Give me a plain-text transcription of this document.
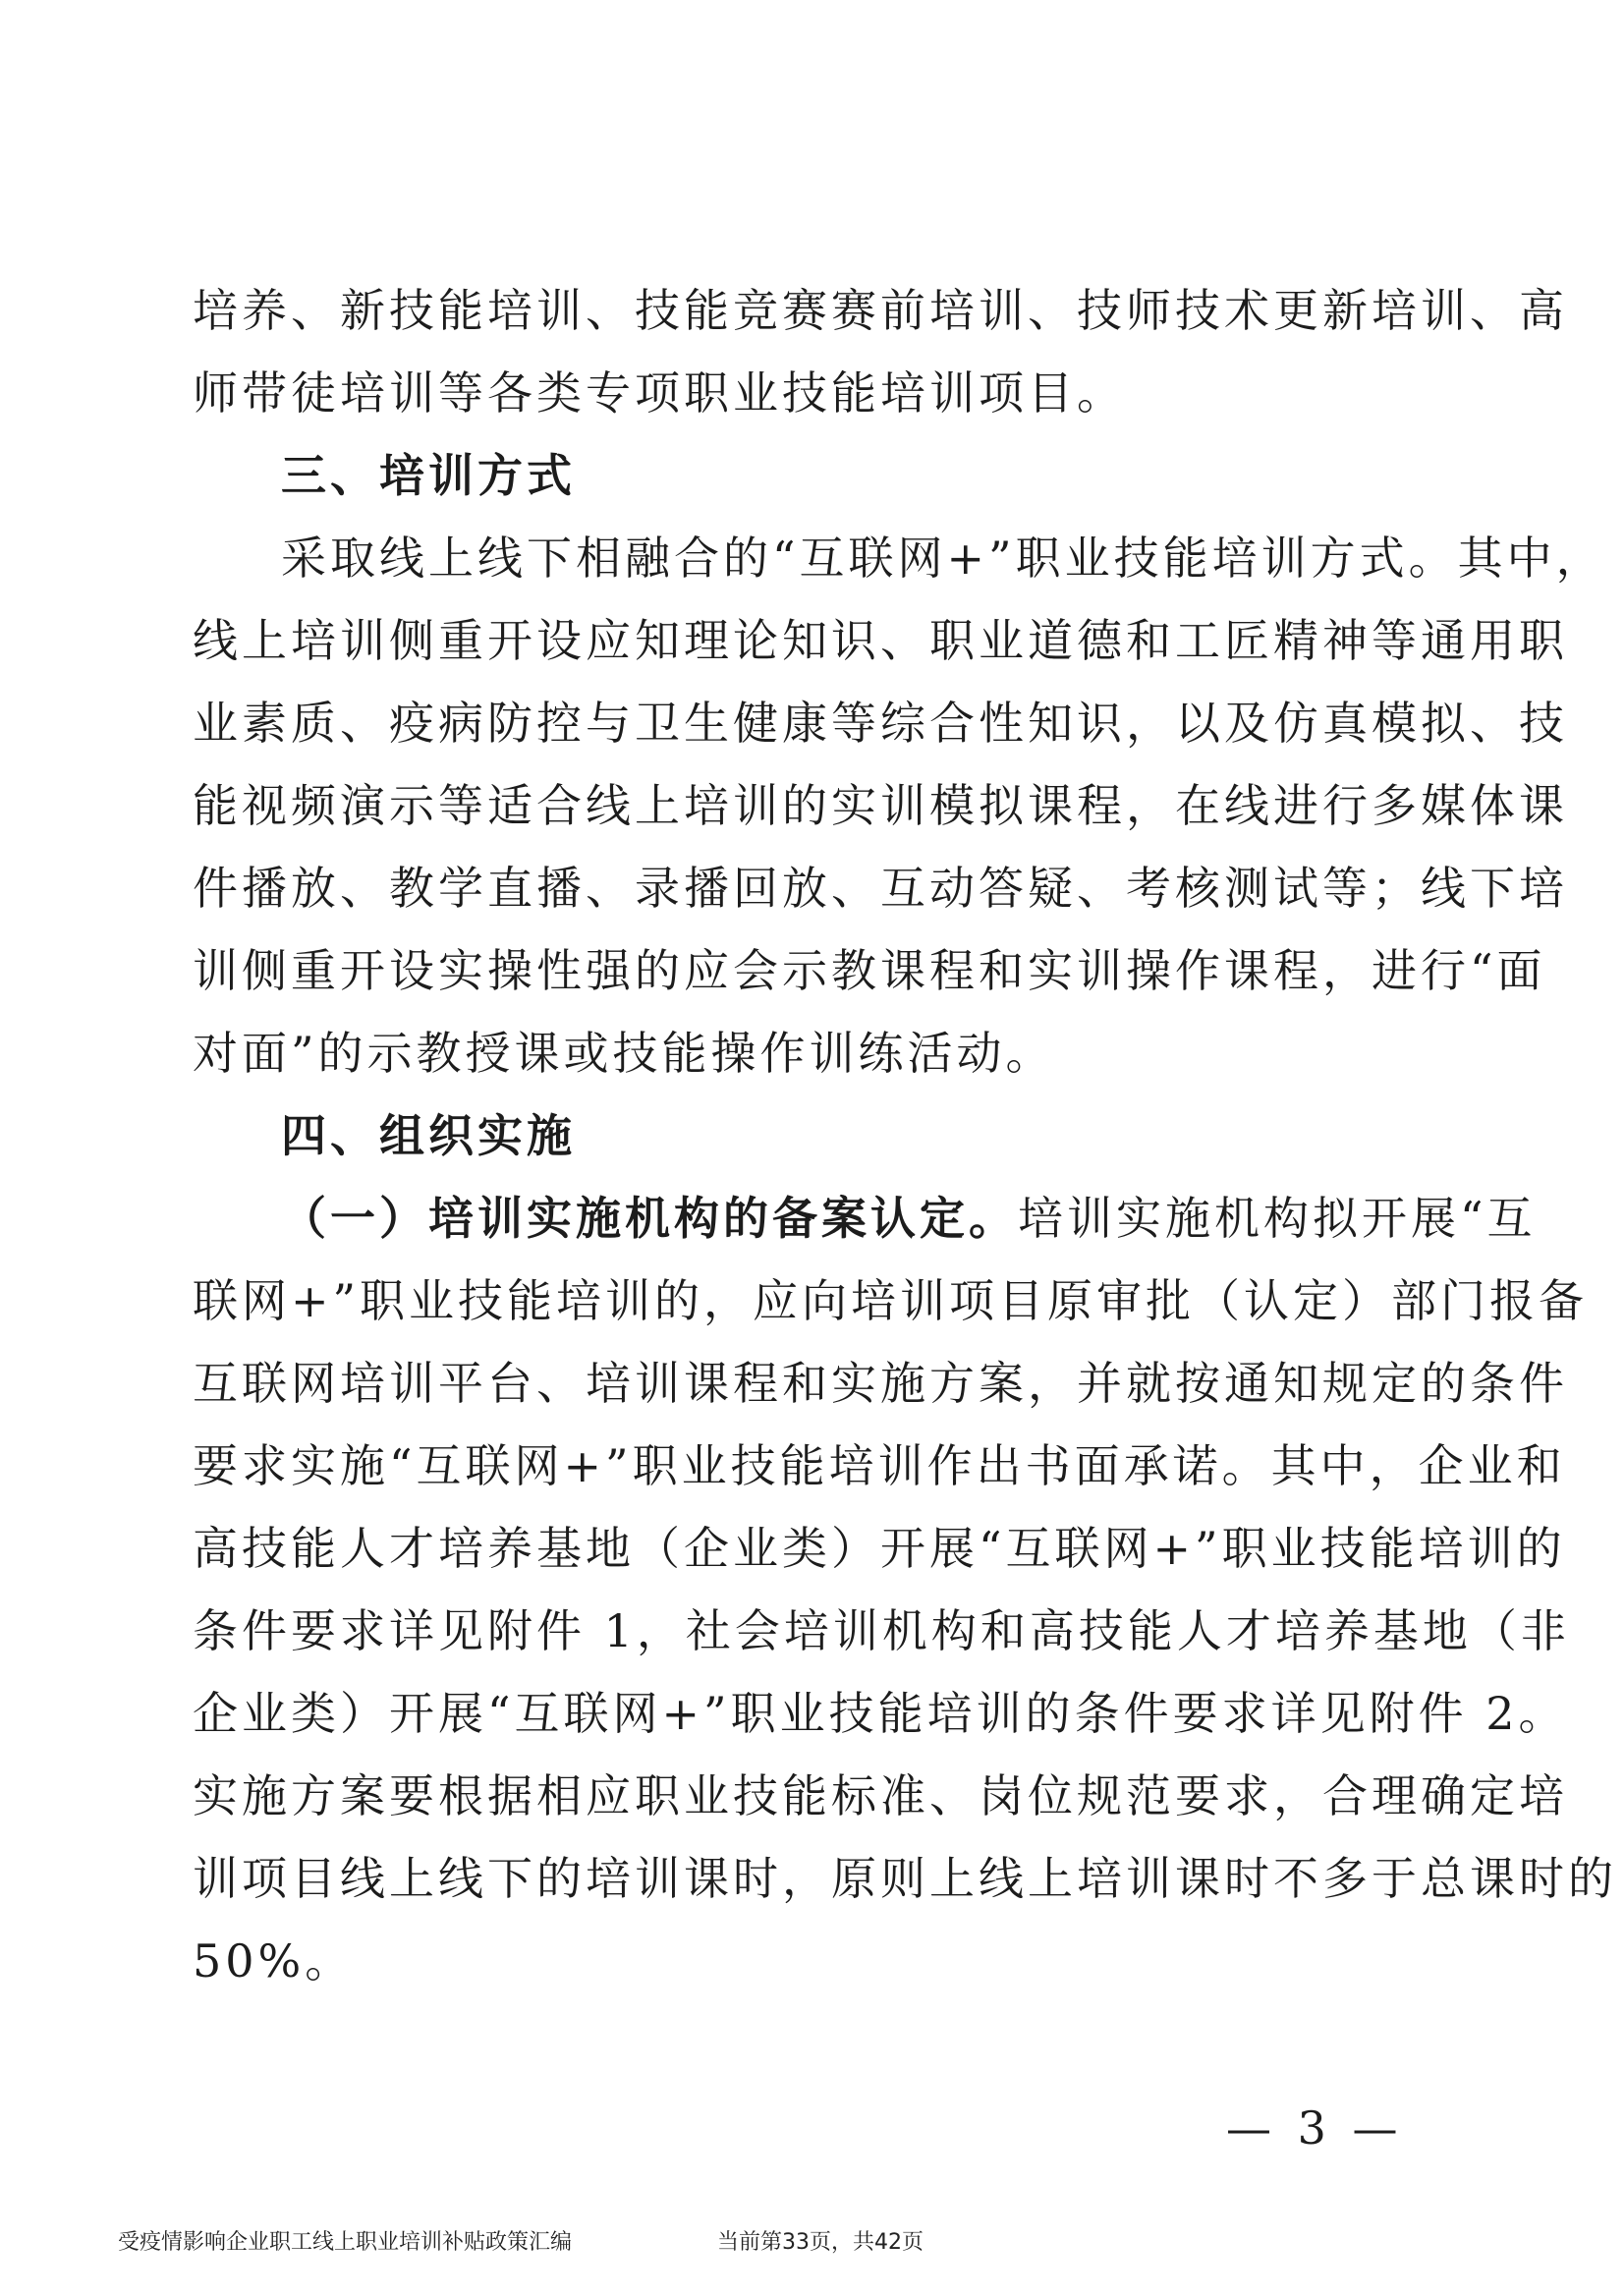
培养、新技能培训、技能竞赛赛前培训、技师技术更新培训、高
师带徒培训等各类专项职业技能培训项目。
三、培训方式
采取线上线下相融合的“互联网+”职业技能培训方式。其中，
线上培训侧重开设应知理论知识、职业道德和工匠精神等通用职
业素质、疫病防控与卫生健康等综合性知识，以及仿真模拟、技
能视频演示等适合线上培训的实训模拟课程，在线进行多媒体课
件播放、教学直播、录播回放、互动答疑、考核测试等；线下培
训侧重开设实操性强的应会示教课程和实训操作课程，进行“面
对面”的示教授课或技能操作训练活动。
四、组织实施
（一）培训实施机构的备案认定。培训实施机构拟开展“互
联网+”职业技能培训的，应向培训项目原审批（认定）部门报备
互联网培训平台、培训课程和实施方案，并就按通知规定的条件
要求实施“互联网+”职业技能培训作出书面承诺。其中，企业和
高技能人才培养基地（企业类）开展“互联网+”职业技能培训的
条件要求详见附件 1，社会培训机构和高技能人才培养基地（非
企业类）开展“互联网+”职业技能培训的条件要求详见附件 2。
实施方案要根据相应职业技能标准、岗位规范要求，合理确定培
训项目线上线下的培训课时，原则上线上培训课时不多于总课时的
50%。
— 3 —
受疫情影响企业职工线上职业培训补贴政策汇编	当前第33页，共42页
